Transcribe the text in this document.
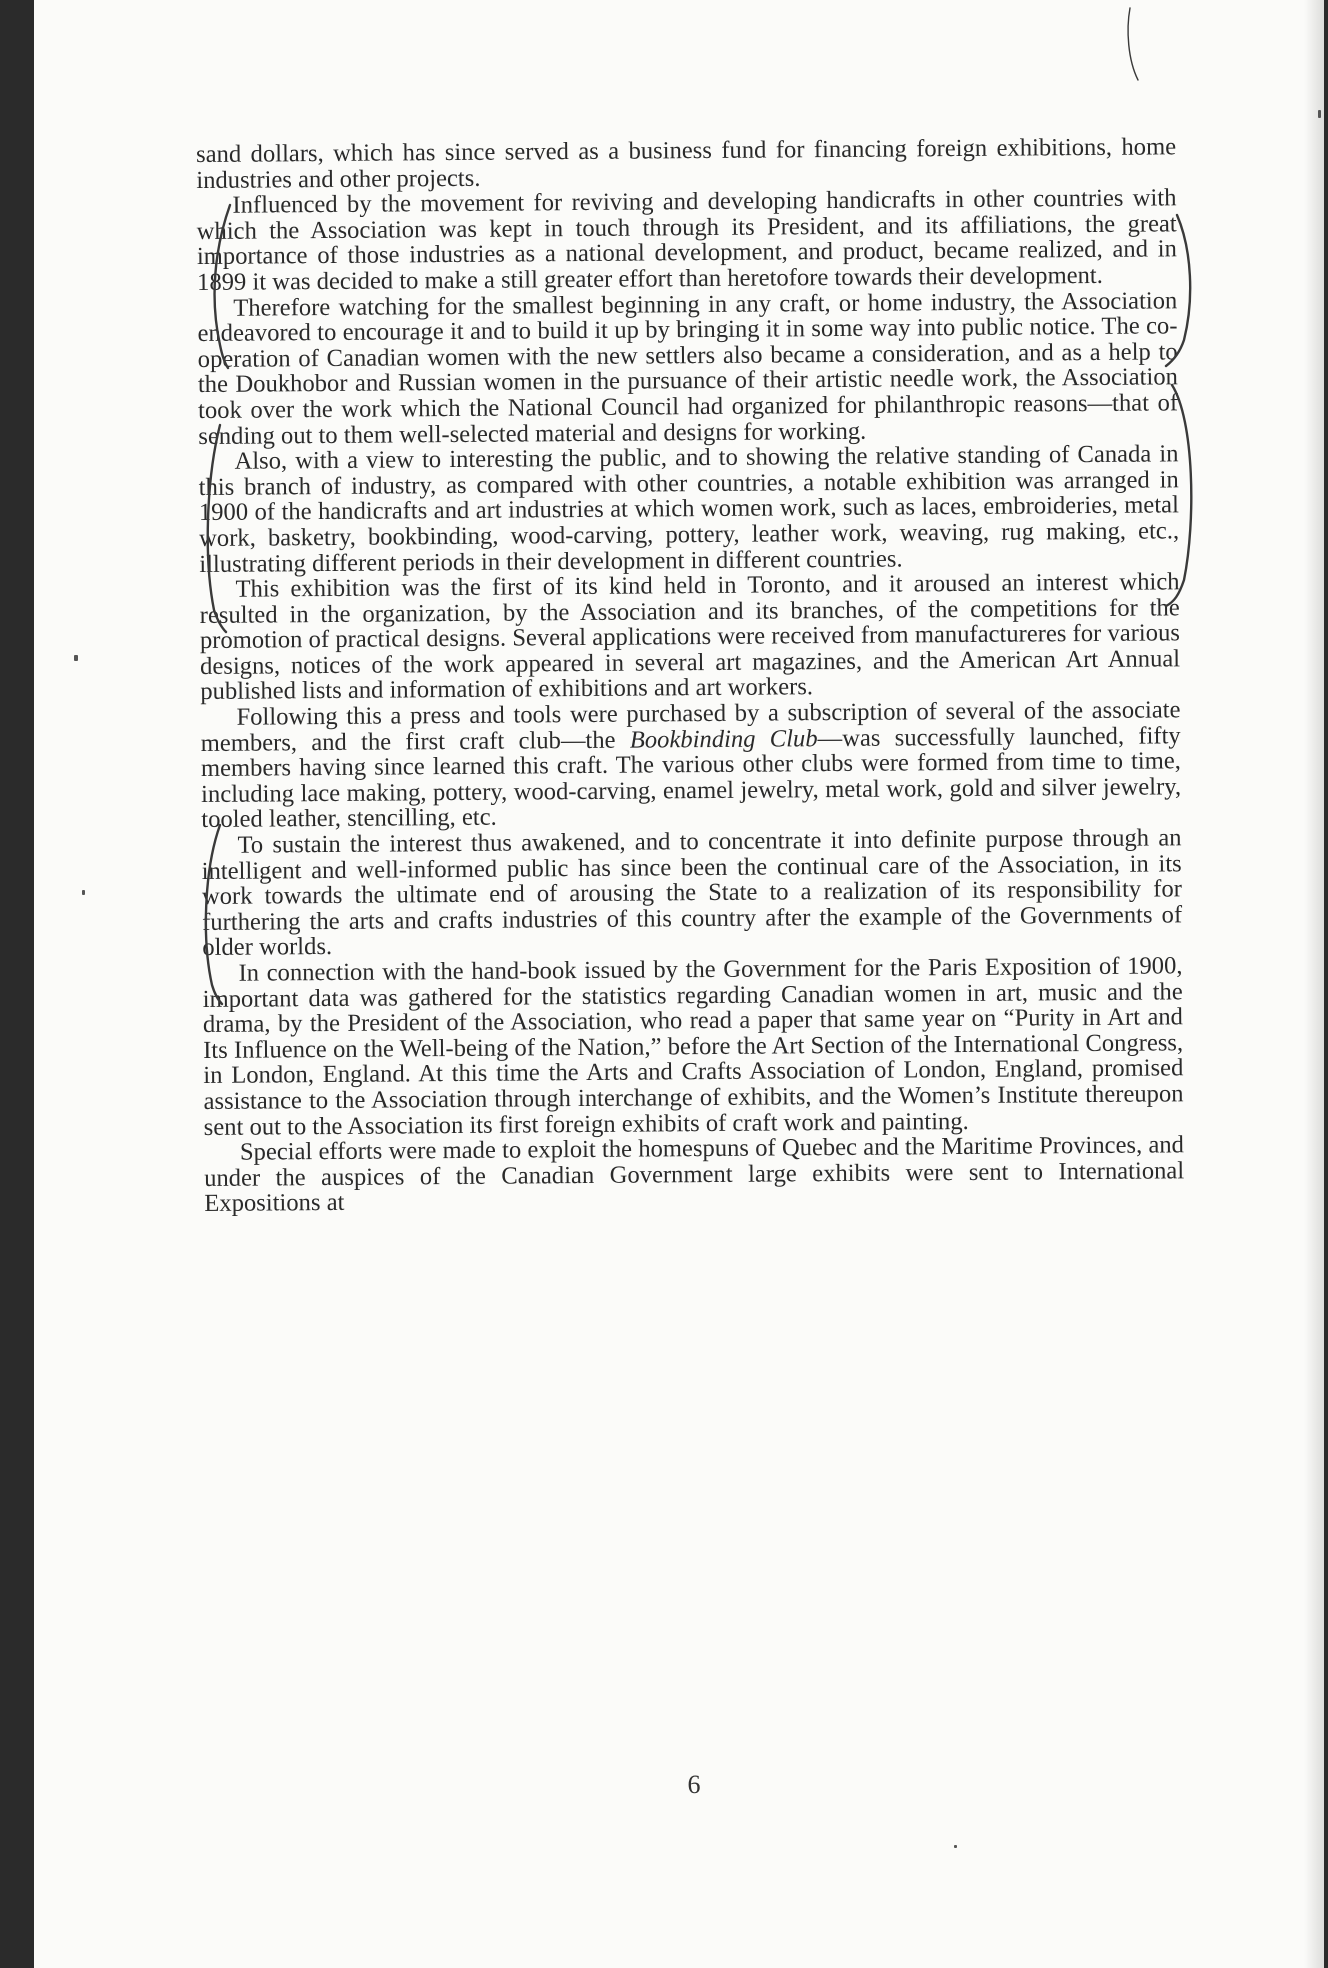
sand dollars, which has since served as a business fund for financing foreign exhibitions, home industries and other projects.

Influenced by the movement for reviving and developing handicrafts in other countries with which the Association was kept in touch through its President, and its affiliations, the great importance of those industries as a national development, and product, became realized, and in 1899 it was decided to make a still greater effort than heretofore towards their development.

Therefore watching for the smallest beginning in any craft, or home industry, the Association endeavored to encourage it and to build it up by bringing it in some way into public notice. The co-operation of Canadian women with the new settlers also became a consideration, and as a help to the Doukhobor and Russian women in the pursuance of their artistic needle work, the Association took over the work which the National Council had organized for philanthropic reasons—that of sending out to them well-selected material and designs for working.

Also, with a view to interesting the public, and to showing the relative standing of Canada in this branch of industry, as compared with other countries, a notable exhibition was arranged in 1900 of the handicrafts and art industries at which women work, such as laces, embroideries, metal work, basketry, bookbinding, wood-carving, pottery, leather work, weaving, rug making, etc., illustrating different periods in their development in different countries.

This exhibition was the first of its kind held in Toronto, and it aroused an interest which resulted in the organization, by the Association and its branches, of the competitions for the promotion of practical designs. Several applications were received from manufactureres for various designs, notices of the work appeared in several art magazines, and the American Art Annual published lists and information of exhibitions and art workers.

Following this a press and tools were purchased by a subscription of several of the associate members, and the first craft club—the Bookbinding Club—was successfully launched, fifty members having since learned this craft. The various other clubs were formed from time to time, including lace making, pottery, wood-carving, enamel jewelry, metal work, gold and silver jewelry, tooled leather, stencilling, etc.

To sustain the interest thus awakened, and to concentrate it into definite purpose through an intelligent and well-informed public has since been the continual care of the Association, in its work towards the ultimate end of arousing the State to a realization of its responsibility for furthering the arts and crafts industries of this country after the example of the Governments of older worlds.

In connection with the hand-book issued by the Government for the Paris Exposition of 1900, important data was gathered for the statistics regarding Canadian women in art, music and the drama, by the President of the Association, who read a paper that same year on “Purity in Art and Its Influence on the Well-being of the Nation,” before the Art Section of the International Congress, in London, England. At this time the Arts and Crafts Association of London, England, promised assistance to the Association through interchange of exhibits, and the Women’s Institute thereupon sent out to the Association its first foreign exhibits of craft work and painting.

Special efforts were made to exploit the homespuns of Quebec and the Maritime Provinces, and under the auspices of the Canadian Government large exhibits were sent to International Expositions at

6
